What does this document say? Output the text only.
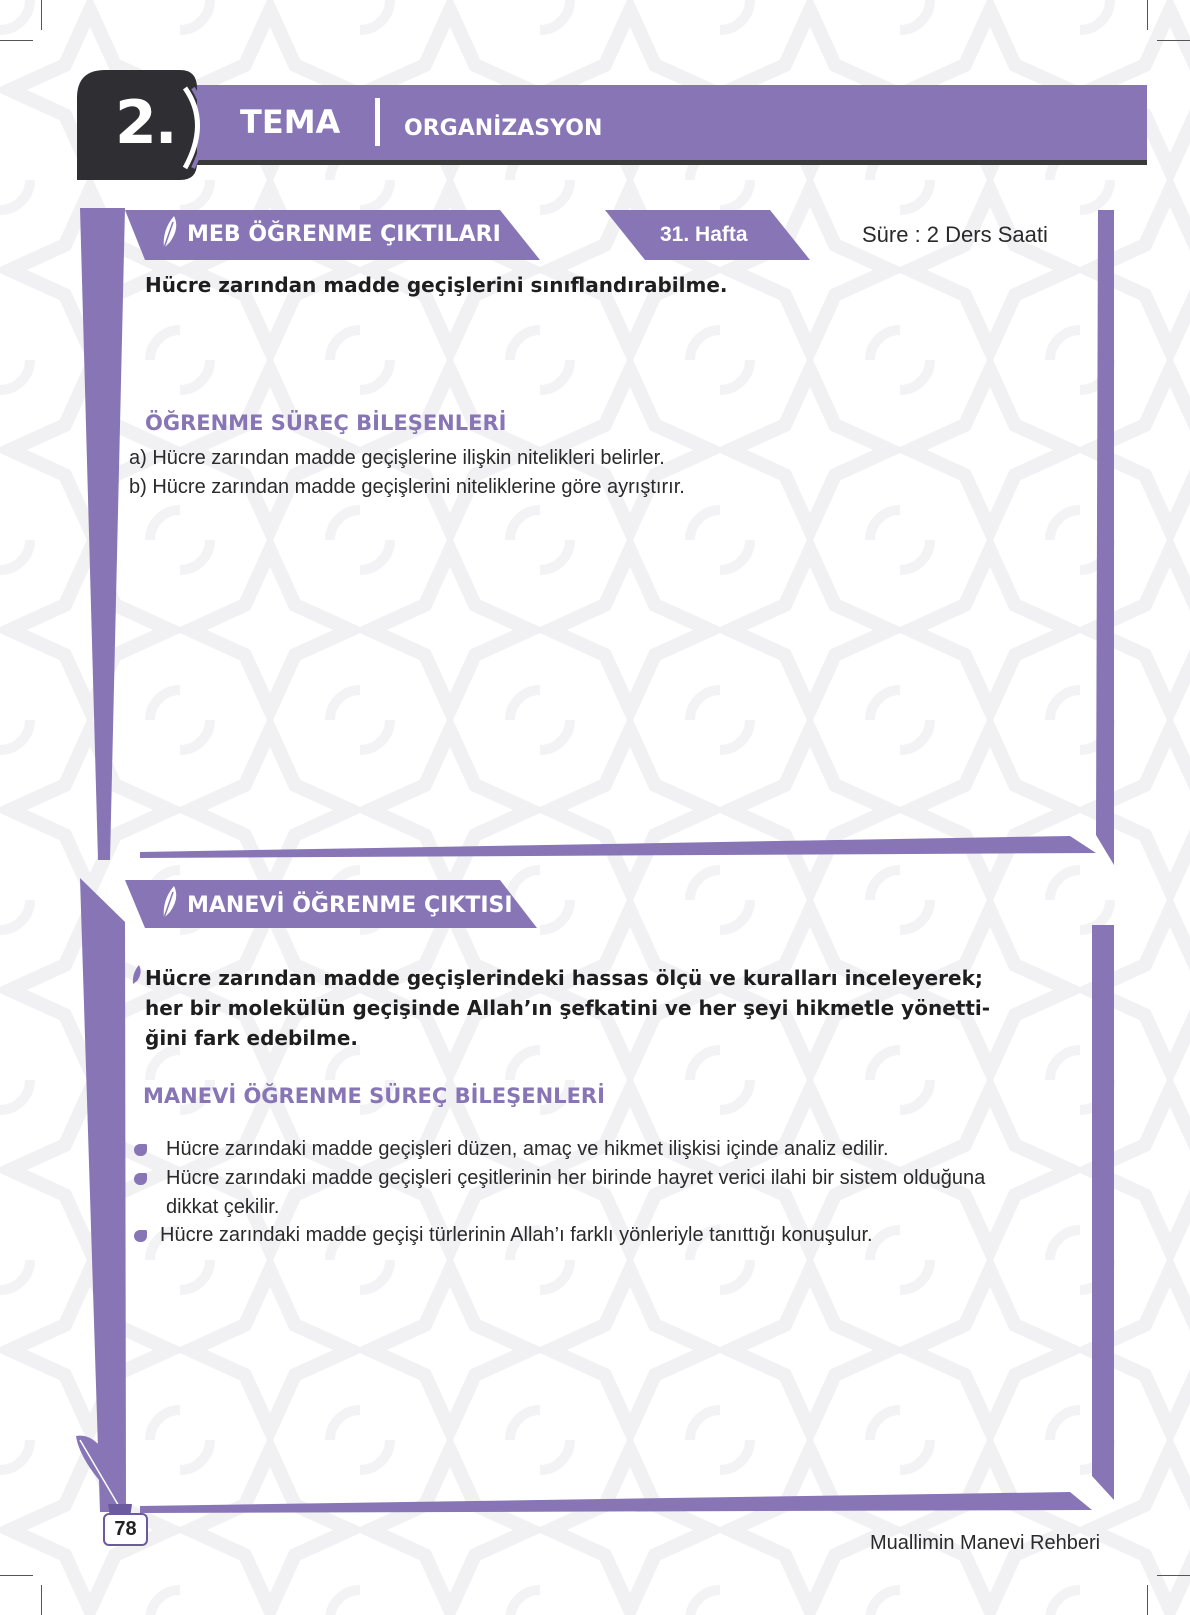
2. TEMA	ORGANİZASYON
MEB ÖĞRENME ÇIKTILARI	31. Hafta	Süre : 2 Ders Saati
Hücre zarından madde geçişlerini sınıflandırabilme.
ÖĞRENME SÜREÇ BİLEŞENLERİ
a) Hücre zarından madde geçişlerine ilişkin nitelikleri belirler.
b) Hücre zarından madde geçişlerini niteliklerine göre ayrıştırır.
MANEVİ ÖĞRENME ÇIKTISI
Hücre zarından madde geçişlerindeki hassas ölçü ve kuralları inceleyerek;
her bir molekülün geçişinde Allah’ın şefkatini ve her şeyi hikmetle yönetti-
ğini fark edebilme.
MANEVİ ÖĞRENME SÜREÇ BİLEŞENLERİ
Hücre zarındaki madde geçişleri düzen, amaç ve hikmet ilişkisi içinde analiz edilir.
Hücre zarındaki madde geçişleri çeşitlerinin her birinde hayret verici ilahi bir sistem olduğuna
dikkat çekilir.
Hücre zarındaki madde geçişi türlerinin Allah’ı farklı yönleriyle tanıttığı konuşulur.
78
Muallimin Manevi Rehberi
